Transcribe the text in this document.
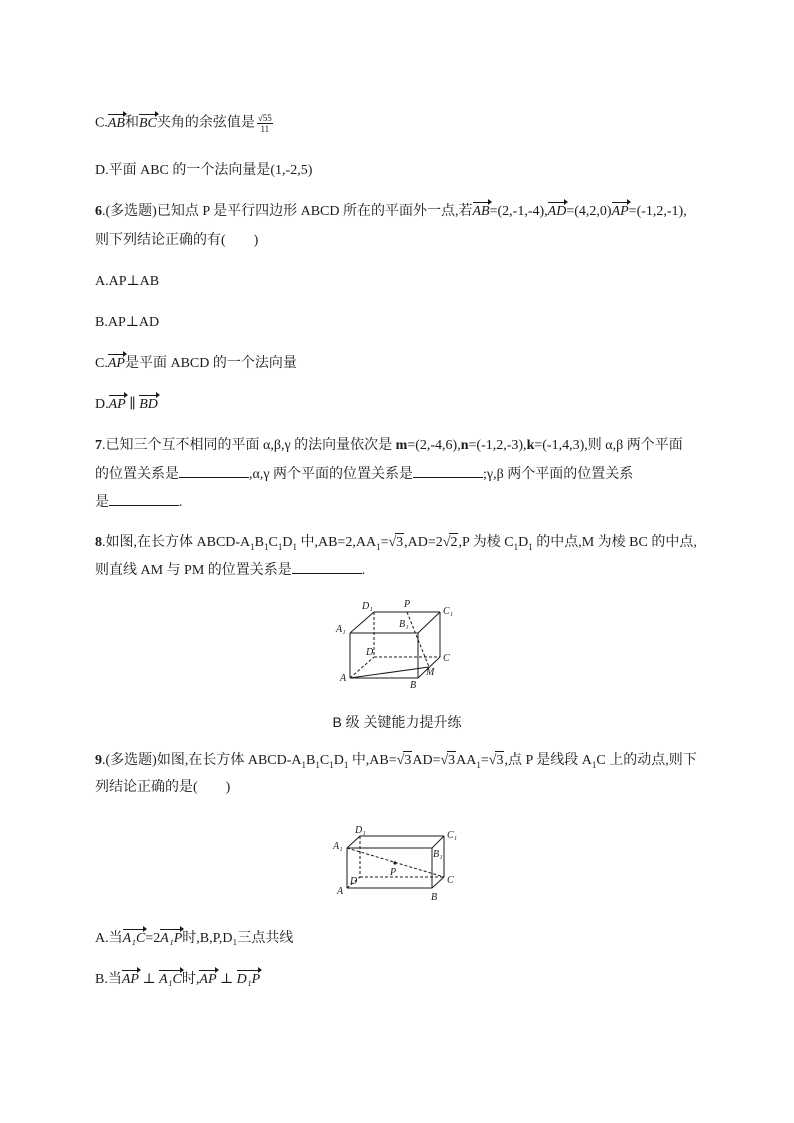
C.AB和BC夹角的余弦值是 $\frac{√55}{11}$
D.平面 ABC 的一个法向量是(1,-2,5)
6.(多选题)已知点 P 是平行四边形 ABCD 所在的平面外一点,若AB=(2,-1,-4),AD=(4,2,0)AP=(-1,2,-1),
则下列结论正确的有(　　)
A.AP⊥AB
B.AP⊥AD
C.AP是平面 ABCD 的一个法向量
D.AP ∥ BD
7.已知三个互不相同的平面 α,β,γ 的法向量依次是 m=(2,-4,6),n=(-1,2,-3),k=(-1,4,3),则 α,β 两个平面
的位置关系是	,α,γ 两个平面的位置关系是	;γ,β 两个平面的位置关系
是	.
8.如图,在长方体 ABCD-$A_1B_1C_1D_1$ 中$,AB=2,AA_1=√3,AD=2√2,P$ 为棱 $C_1D_1$ 的中点,M 为棱 BC 的中点,
则直线 AM 与 PM 的位置关系是	.
D₁	P
C₁
A₁	B₁
D
C
M
A
B
B 级 关键能力提升练
9.(多选题)如图,在长方体 ABCD-$A_1B_1C_1D_1$ 中$,AB=√3AD=√3AA_1=√3$,点 P 是线段 $A_1C$ 上的动点,则下
列结论正确的是(　　)
D₁	C₁
A₁
B₁
P
D	C
A
B
A.当A₁C=2A₁P时,B,P,D₁三点共线
B.当AP ⊥ A₁C时,AP ⊥ D₁P
